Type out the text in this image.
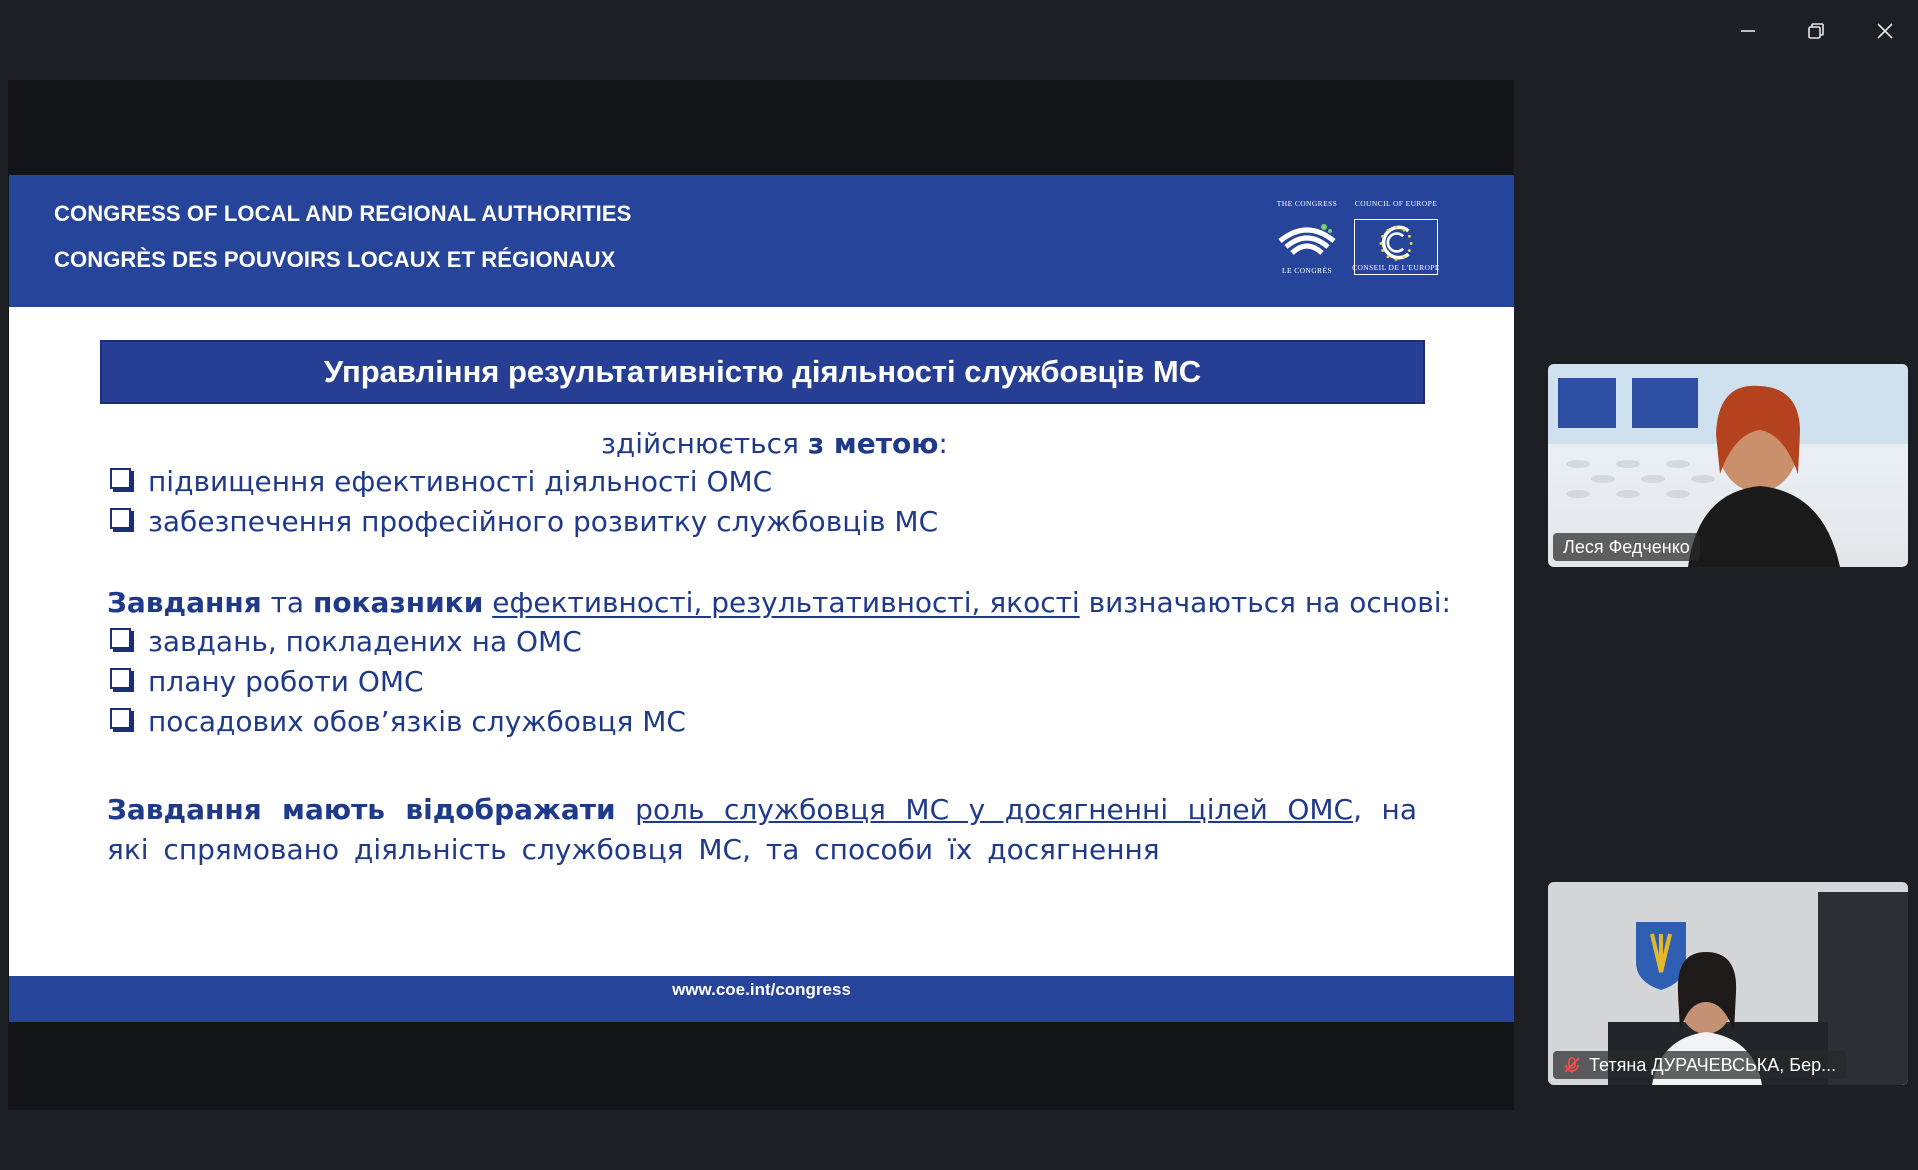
CONGRESS OF LOCAL AND REGIONAL AUTHORITIES
CONGRÈS DES POUVOIRS LOCAUX ET RÉGIONAUX
THE CONGRESS
LE CONGRÈS
COUNCIL OF EUROPE
CONSEIL DE L'EUROPE
Управління результативністю діяльності службовців МС
здійснюється з метою:
підвищення ефективності діяльності ОМС
забезпечення професійного розвитку службовців МС
Завдання та показники ефективності, результативності, якості визначаються на основі:
завдань, покладених на ОМС
плану роботи ОМС
посадових обов’язків службовця МС
Завдання мають відображати роль службовця МС у досягненні цілей ОМС, на які спрямовано діяльність службовця МС, та способи їх досягнення
www.coe.int/congress
Леся Федченко
Тетяна ДУРАЧЕВСЬКА, Бер...
